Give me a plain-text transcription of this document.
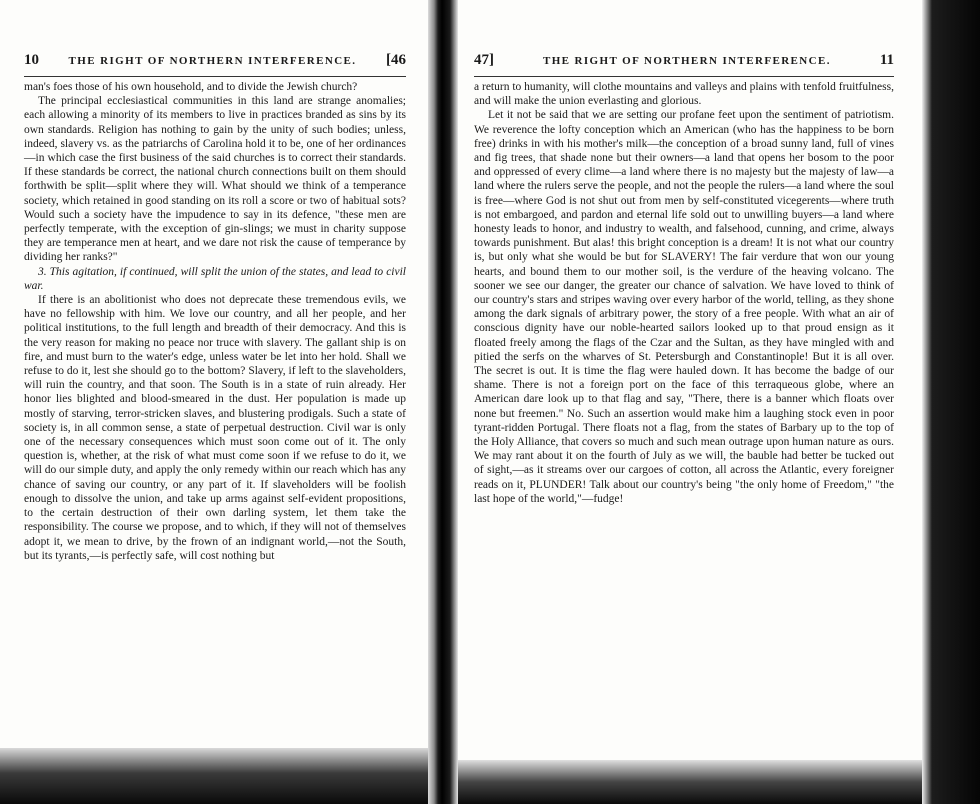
10	THE RIGHT OF NORTHERN INTERFERENCE.	[46

man's foes those of his own household, and to divide the Jewish church?

The principal ecclesiastical communities in this land are strange anomalies; each allowing a minority of its members to live in practices branded as sins by its own standards. Religion has nothing to gain by the unity of such bodies; unless, indeed, slavery vs. as the patriarchs of Carolina hold it to be, one of her ordinances—in which case the first business of the said churches is to correct their standards. If these standards be correct, the national church connections built on them should forthwith be split—split where they will. What should we think of a temperance society, which retained in good standing on its roll a score or two of habitual sots? Would such a society have the impudence to say in its defence, "these men are perfectly temperate, with the exception of gin-slings; we must in charity suppose they are temperance men at heart, and we dare not risk the cause of temperance by dividing her ranks?"

3. This agitation, if continued, will split the union of the states, and lead to civil war.

If there is an abolitionist who does not deprecate these tremendous evils, we have no fellowship with him. We love our country, and all her people, and her political institutions, to the full length and breadth of their democracy. And this is the very reason for making no peace nor truce with slavery. The gallant ship is on fire, and must burn to the water's edge, unless water be let into her hold. Shall we refuse to do it, lest she should go to the bottom? Slavery, if left to the slaveholders, will ruin the country, and that soon. The South is in a state of ruin already. Her honor lies blighted and blood-smeared in the dust. Her population is made up mostly of starving, terror-stricken slaves, and blustering prodigals. Such a state of society is, in all common sense, a state of perpetual destruction. Civil war is only one of the necessary consequences which must soon come out of it. The only question is, whether, at the risk of what must come soon if we refuse to do it, we will do our simple duty, and apply the only remedy within our reach which has any chance of saving our country, or any part of it. If slaveholders will be foolish enough to dissolve the union, and take up arms against self-evident propositions, to the certain destruction of their own darling system, let them take the responsibility. The course we propose, and to which, if they will not of themselves adopt it, we mean to drive, by the frown of an indignant world,—not the South, but its tyrants,—is perfectly safe, will cost nothing but

47]	THE RIGHT OF NORTHERN INTERFERENCE.	11

a return to humanity, will clothe mountains and valleys and plains with tenfold fruitfulness, and will make the union everlasting and glorious.

Let it not be said that we are setting our profane feet upon the sentiment of patriotism. We reverence the lofty conception which an American (who has the happiness to be born free) drinks in with his mother's milk—the conception of a broad sunny land, full of vines and fig trees, that shade none but their owners—a land that opens her bosom to the poor and oppressed of every clime—a land where there is no majesty but the majesty of law—a land where the rulers serve the people, and not the people the rulers—a land where the soul is free—where God is not shut out from men by self-constituted vicegerents—where truth is not embargoed, and pardon and eternal life sold out to unwilling buyers—a land where honesty leads to honor, and industry to wealth, and falsehood, cunning, and crime, always towards punishment. But alas! this bright conception is a dream! It is not what our country is, but only what she would be but for SLAVERY! The fair verdure that won our young hearts, and bound them to our mother soil, is the verdure of the heaving volcano. The sooner we see our danger, the greater our chance of salvation. We have loved to think of our country's stars and stripes waving over every harbor of the world, telling, as they shone among the dark signals of arbitrary power, the story of a free people. With what an air of conscious dignity have our noble-hearted sailors looked up to that proud ensign as it floated freely among the flags of the Czar and the Sultan, as they have mingled with and pitied the serfs on the wharves of St. Petersburgh and Constantinople! But it is all over. The secret is out. It is time the flag were hauled down. It has become the badge of our shame. There is not a foreign port on the face of this terraqueous globe, where an American dare look up to that flag and say, "There, there is a banner which floats over none but freemen." No. Such an assertion would make him a laughing stock even in poor tyrant-ridden Portugal. There floats not a flag, from the states of Barbary up to the top of the Holy Alliance, that covers so much and such mean outrage upon human nature as ours. We may rant about it on the fourth of July as we will, the bauble had better be tucked out of sight,—as it streams over our cargoes of cotton, all across the Atlantic, every foreigner reads on it, PLUNDER! Talk about our country's being "the only home of Freedom," "the last hope of the world,"—fudge!
